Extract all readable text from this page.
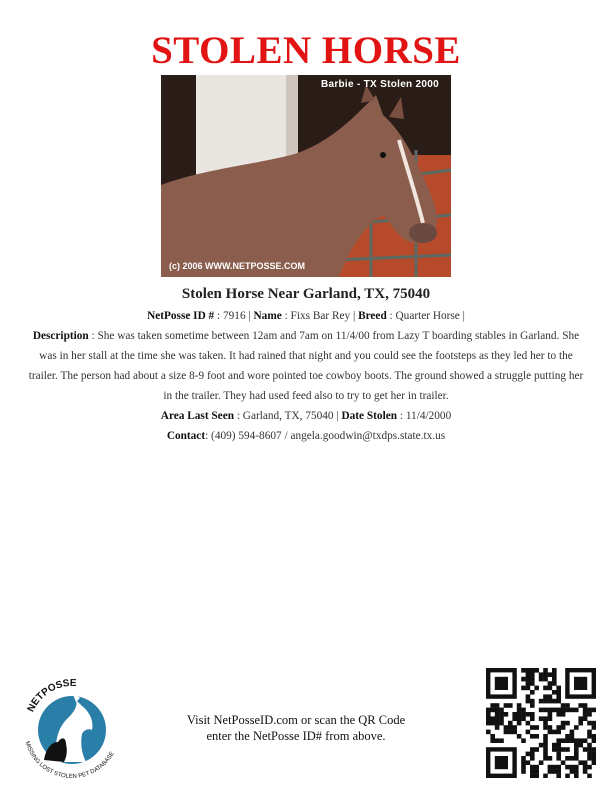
STOLEN HORSE
Barbie - TX Stolen 2000
(c) 2006 WWW.NETPOSSE.COM
Stolen Horse Near Garland, TX, 75040
NetPosse ID # : 7916 | Name : Fixs Bar Rey | Breed : Quarter Horse |
Description : She was taken sometime between 12am and 7am on 11/4/00 from Lazy T boarding stables in Garland. She was in her stall at the time she was taken. It had rained that night and you could see the footsteps as they led her to the trailer. The person had about a size 8-9 foot and wore pointed toe cowboy boots. The ground showed a struggle putting her in the trailer. They had used feed also to try to get her in trailer.
Area Last Seen : Garland, TX, 75040 | Date Stolen : 11/4/2000
Contact: (409) 594-8607 / angela.goodwin@txdps.state.tx.us
NETPOSSE
MISSING LOST STOLEN PET DATABASE
Visit NetPosseID.com or scan the QR Code
enter the NetPosse ID# from above.
